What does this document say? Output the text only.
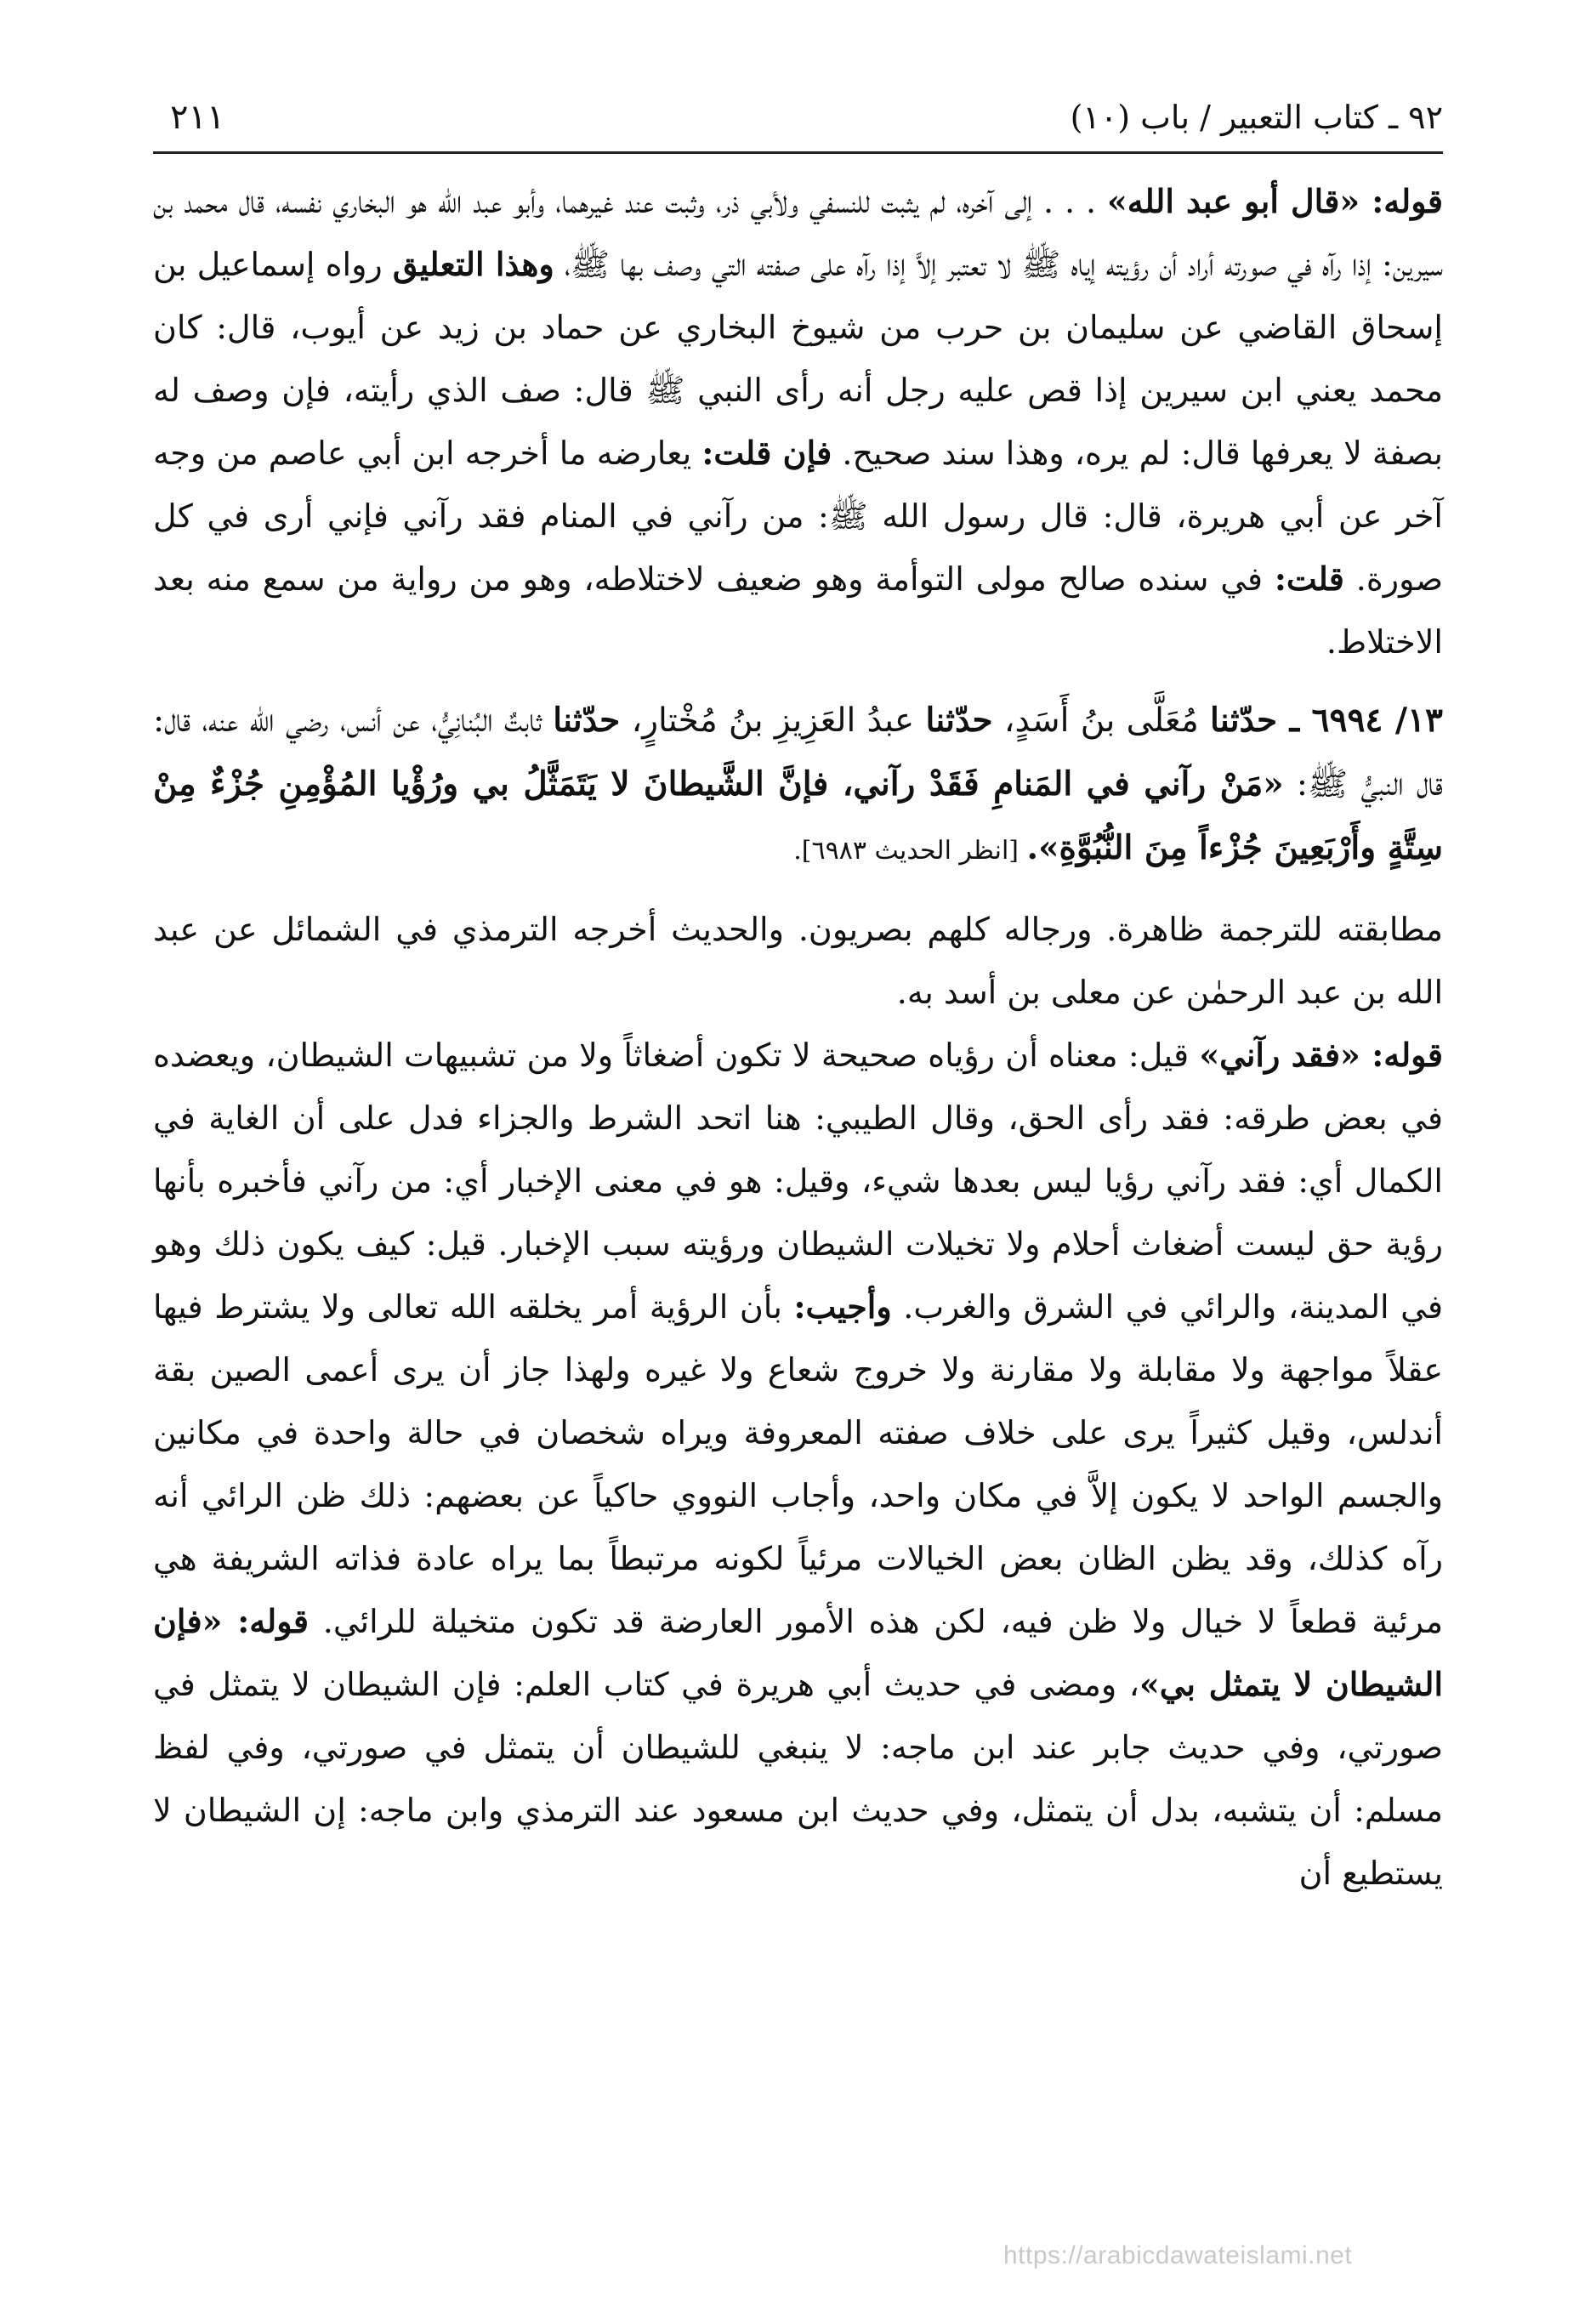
٩٢ ـ كتاب التعبير / باب (١٠)
٢١١

قوله: «قال أبو عبد الله» . . . إلى آخره، لم يثبت للنسفي ولأبي ذر، وثبت عند غيرهما، وأبو عبد الله هو البخاري نفسه، قال محمد بن سيرين: إذا رآه في صورته أراد أن رؤيته إياه ﷺ لا تعتبر إلاَّ إذا رآه على صفته التي وصف بها ﷺ، وهذا التعليق رواه إسماعيل بن إسحاق القاضي عن سليمان بن حرب من شيوخ البخاري عن حماد بن زيد عن أيوب، قال: كان محمد يعني ابن سيرين إذا قص عليه رجل أنه رأى النبي ﷺ قال: صف الذي رأيته، فإن وصف له بصفة لا يعرفها قال: لم يره، وهذا سند صحيح. فإن قلت: يعارضه ما أخرجه ابن أبي عاصم من وجه آخر عن أبي هريرة، قال: قال رسول الله ﷺ: من رآني في المنام فقد رآني فإني أرى في كل صورة. قلت: في سنده صالح مولى التوأمة وهو ضعيف لاختلاطه، وهو من رواية من سمع منه بعد الاختلاط.

١٣/ ٦٩٩٤ ـ حدّثنا مُعَلَّى بنُ أَسَدٍ، حدّثنا عبدُ العَزِيزِ بنُ مُخْتارٍ، حدّثنا ثابتٌ البُنانِيُّ، عن أنس، رضي الله عنه، قال: قال النبيُّ ﷺ: «مَنْ رآني في المَنامِ فَقَدْ رآني، فإنَّ الشَّيطانَ لا يَتَمَثَّلُ بي ورُؤْيا المُؤْمِنِ جُزْءٌ مِنْ سِتَّةٍ وأَرْبَعِينَ جُزْءاً مِنَ النُّبُوَّةِ». [انظر الحديث ٦٩٨٣].

مطابقته للترجمة ظاهرة. ورجاله كلهم بصريون. والحديث أخرجه الترمذي في الشمائل عن عبد الله بن عبد الرحمٰن عن معلى بن أسد به.

قوله: «فقد رآني» قيل: معناه أن رؤياه صحيحة لا تكون أضغاثاً ولا من تشبيهات الشيطان، ويعضده في بعض طرقه: فقد رأى الحق، وقال الطيبي: هنا اتحد الشرط والجزاء فدل على أن الغاية في الكمال أي: فقد رآني رؤيا ليس بعدها شيء، وقيل: هو في معنى الإخبار أي: من رآني فأخبره بأنها رؤية حق ليست أضغاث أحلام ولا تخيلات الشيطان ورؤيته سبب الإخبار. قيل: كيف يكون ذلك وهو في المدينة، والرائي في الشرق والغرب. وأجيب: بأن الرؤية أمر يخلقه الله تعالى ولا يشترط فيها عقلاً مواجهة ولا مقابلة ولا مقارنة ولا خروج شعاع ولا غيره ولهذا جاز أن يرى أعمى الصين بقة أندلس، وقيل كثيراً يرى على خلاف صفته المعروفة ويراه شخصان في حالة واحدة في مكانين والجسم الواحد لا يكون إلاَّ في مكان واحد، وأجاب النووي حاكياً عن بعضهم: ذلك ظن الرائي أنه رآه كذلك، وقد يظن الظان بعض الخيالات مرئياً لكونه مرتبطاً بما يراه عادة فذاته الشريفة هي مرئية قطعاً لا خيال ولا ظن فيه، لكن هذه الأمور العارضة قد تكون متخيلة للرائي. قوله: «فإن الشيطان لا يتمثل بي»، ومضى في حديث أبي هريرة في كتاب العلم: فإن الشيطان لا يتمثل في صورتي، وفي حديث جابر عند ابن ماجه: لا ينبغي للشيطان أن يتمثل في صورتي، وفي لفظ مسلم: أن يتشبه، بدل أن يتمثل، وفي حديث ابن مسعود عند الترمذي وابن ماجه: إن الشيطان لا يستطيع أن

https://arabicdawateislami.net
